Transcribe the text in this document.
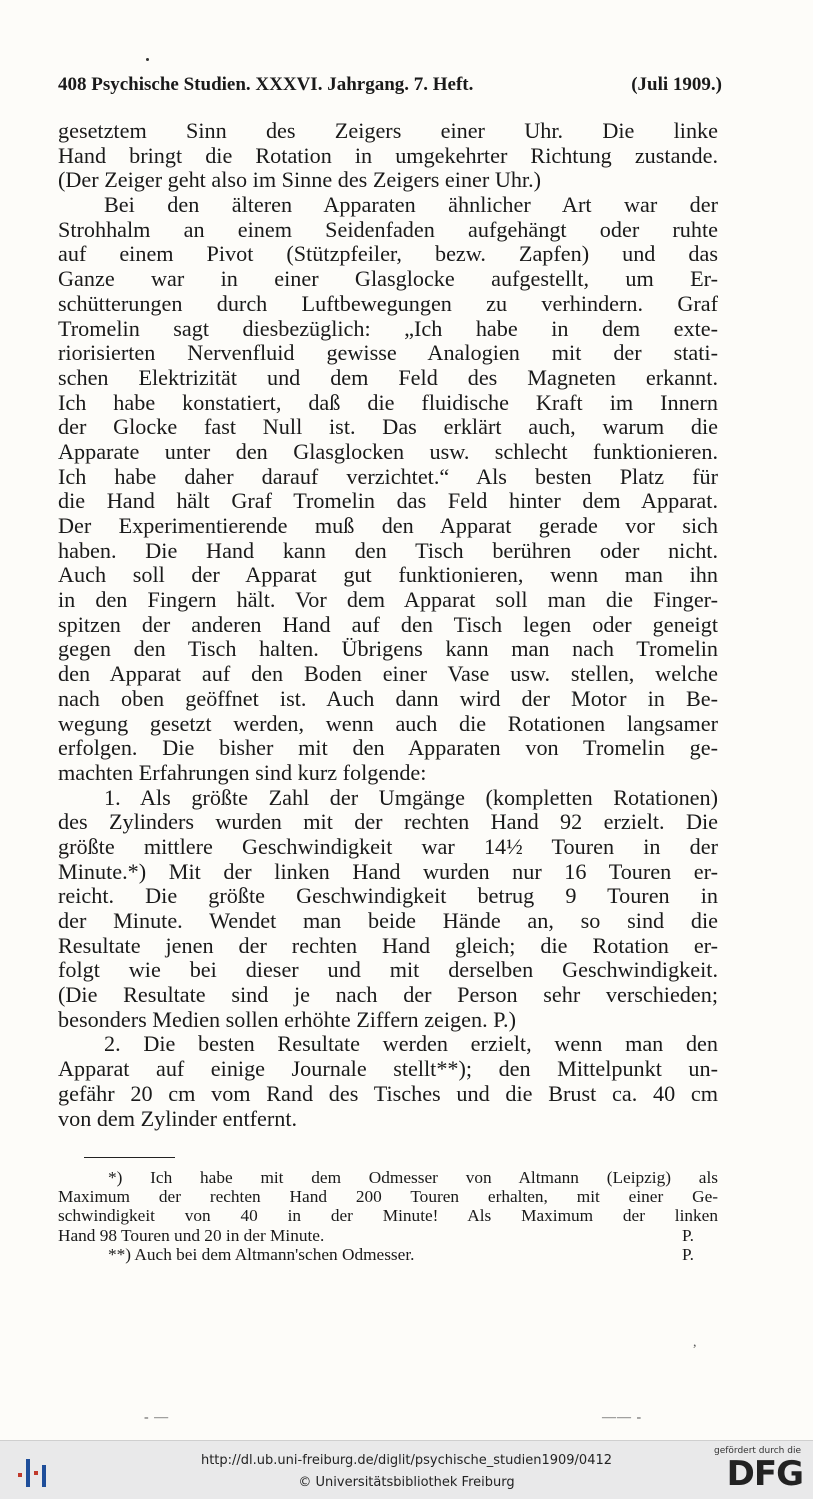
408 Psychische Studien. XXXVI. Jahrgang. 7. Heft.	(Juli 1909.)
gesetztem Sinn des Zeigers einer Uhr. Die linke
Hand bringt die Rotation in umgekehrter Richtung zustande.
(Der Zeiger geht also im Sinne des Zeigers einer Uhr.)
Bei den älteren Apparaten ähnlicher Art war der
Strohhalm an einem Seidenfaden aufgehängt oder ruhte
auf einem Pivot (Stützpfeiler, bezw. Zapfen) und das
Ganze war in einer Glasglocke aufgestellt, um Er-
schütterungen durch Luftbewegungen zu verhindern. Graf
Tromelin sagt diesbezüglich: „Ich habe in dem exte-
riorisierten Nervenfluid gewisse Analogien mit der stati-
schen Elektrizität und dem Feld des Magneten erkannt.
Ich habe konstatiert, daß die fluidische Kraft im Innern
der Glocke fast Null ist. Das erklärt auch, warum die
Apparate unter den Glasglocken usw. schlecht funktionieren.
Ich habe daher darauf verzichtet.“ Als besten Platz für
die Hand hält Graf Tromelin das Feld hinter dem Apparat.
Der Experimentierende muß den Apparat gerade vor sich
haben. Die Hand kann den Tisch berühren oder nicht.
Auch soll der Apparat gut funktionieren, wenn man ihn
in den Fingern hält. Vor dem Apparat soll man die Finger-
spitzen der anderen Hand auf den Tisch legen oder geneigt
gegen den Tisch halten. Übrigens kann man nach Tromelin
den Apparat auf den Boden einer Vase usw. stellen, welche
nach oben geöffnet ist. Auch dann wird der Motor in Be-
wegung gesetzt werden, wenn auch die Rotationen langsamer
erfolgen. Die bisher mit den Apparaten von Tromelin ge-
machten Erfahrungen sind kurz folgende:
1. Als größte Zahl der Umgänge (kompletten Rotationen)
des Zylinders wurden mit der rechten Hand 92 erzielt. Die
größte mittlere Geschwindigkeit war 14½ Touren in der
Minute.*) Mit der linken Hand wurden nur 16 Touren er-
reicht. Die größte Geschwindigkeit betrug 9 Touren in
der Minute. Wendet man beide Hände an, so sind die
Resultate jenen der rechten Hand gleich; die Rotation er-
folgt wie bei dieser und mit derselben Geschwindigkeit.
(Die Resultate sind je nach der Person sehr verschieden;
besonders Medien sollen erhöhte Ziffern zeigen. P.)
2. Die besten Resultate werden erzielt, wenn man den
Apparat auf einige Journale stellt**); den Mittelpunkt un-
gefähr 20 cm vom Rand des Tisches und die Brust ca. 40 cm
von dem Zylinder entfernt.
*) Ich habe mit dem Odmesser von Altmann (Leipzig) als
Maximum der rechten Hand 200 Touren erhalten, mit einer Ge-
schwindigkeit von 40 in der Minute! Als Maximum der linken
Hand 98 Touren und 20 in der Minute.	P.
**) Auch bei dem Altmann'schen Odmesser.	P.
,
- —	—— -
http://dl.ub.uni-freiburg.de/diglit/psychische_studien1909/0412
© Universitätsbibliothek Freiburg
gefördert durch die
DFG
